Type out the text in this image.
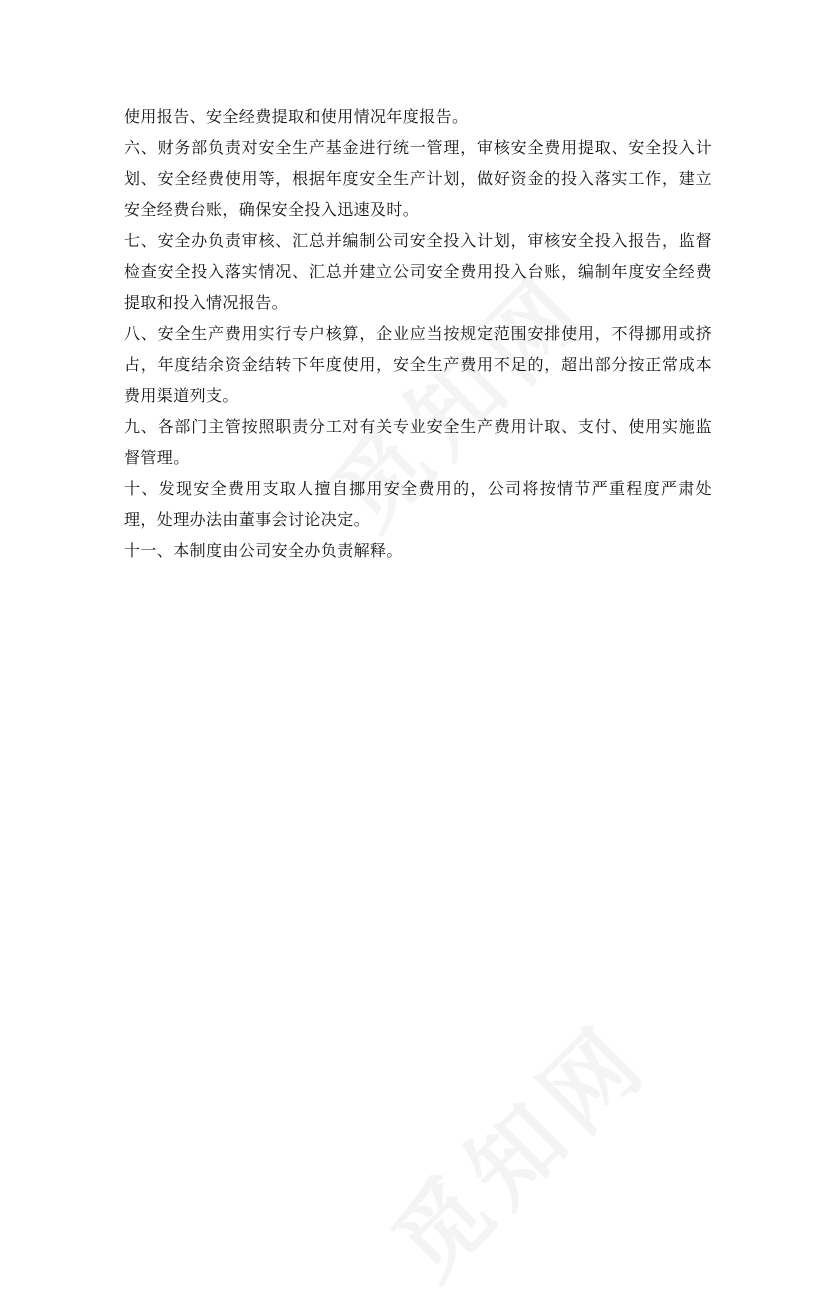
使用报告、安全经费提取和使用情况年度报告。

六、财务部负责对安全生产基金进行统一管理，审核安全费用提取、安全投入计划、安全经费使用等，根据年度安全生产计划，做好资金的投入落实工作，建立安全经费台账，确保安全投入迅速及时。

七、安全办负责审核、汇总并编制公司安全投入计划，审核安全投入报告，监督检查安全投入落实情况、汇总并建立公司安全费用投入台账，编制年度安全经费提取和投入情况报告。

八、安全生产费用实行专户核算，企业应当按规定范围安排使用，不得挪用或挤占，年度结余资金结转下年度使用，安全生产费用不足的，超出部分按正常成本费用渠道列支。

九、各部门主管按照职责分工对有关专业安全生产费用计取、支付、使用实施监督管理。

十、发现安全费用支取人擅自挪用安全费用的，公司将按情节严重程度严肃处理，处理办法由董事会讨论决定。

十一、本制度由公司安全办负责解释。
